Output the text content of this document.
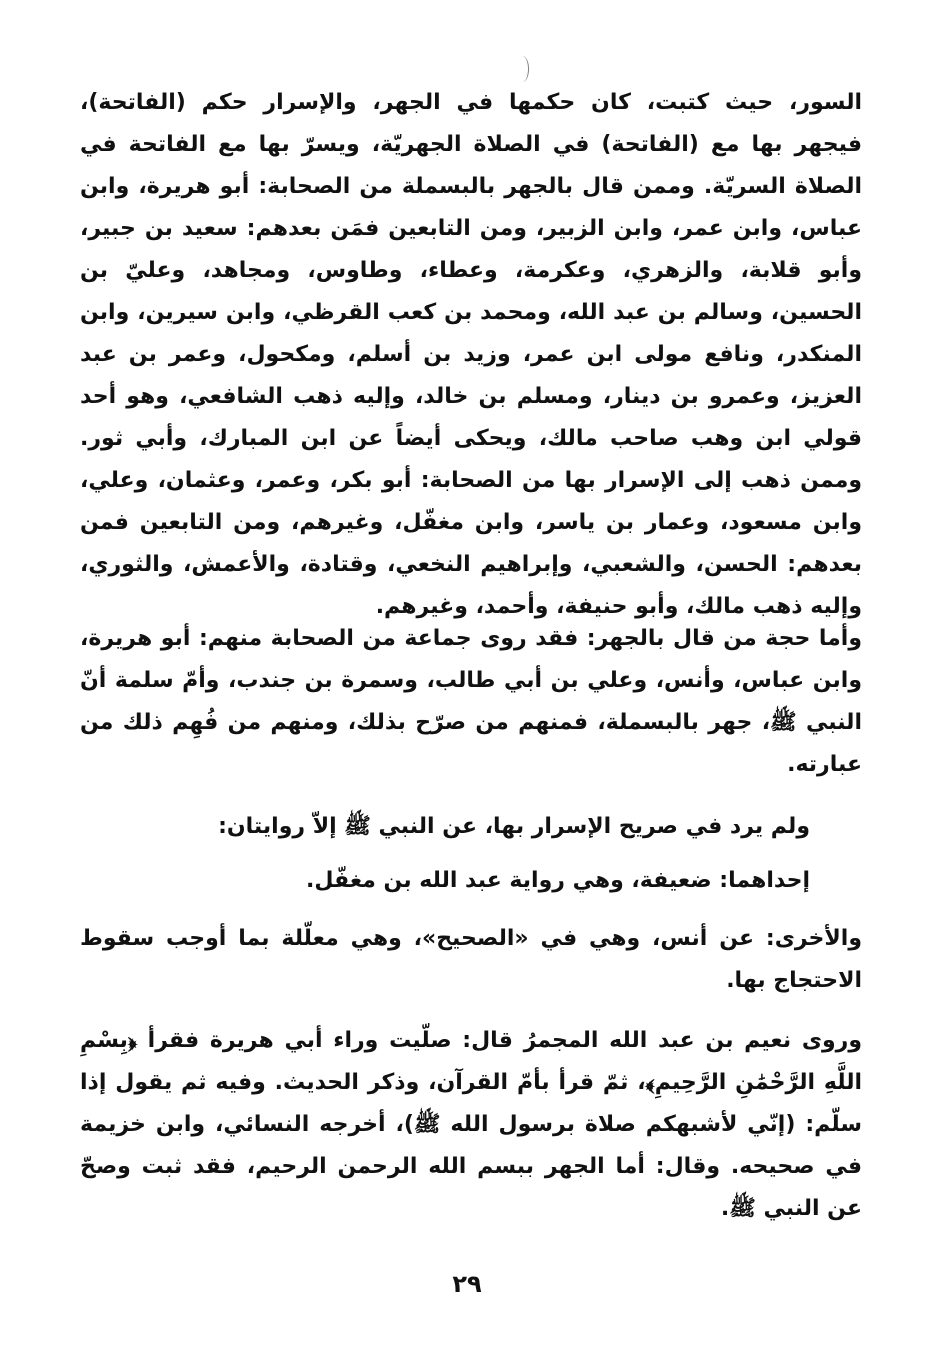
السور، حيث كتبت، كان حكمها في الجهر، والإسرار حكم (الفاتحة)، فيجهر بها مع (الفاتحة) في الصلاة الجهريّة، ويسرّ بها مع الفاتحة في الصلاة السريّة. وممن قال بالجهر بالبسملة من الصحابة: أبو هريرة، وابن عباس، وابن عمر، وابن الزبير، ومن التابعين فمَن بعدهم: سعيد بن جبير، وأبو قلابة، والزهري، وعكرمة، وعطاء، وطاوس، ومجاهد، وعليّ بن الحسين، وسالم بن عبد الله، ومحمد بن كعب القرظي، وابن سيرين، وابن المنكدر، ونافع مولى ابن عمر، وزيد بن أسلم، ومكحول، وعمر بن عبد العزيز، وعمرو بن دينار، ومسلم بن خالد، وإليه ذهب الشافعي، وهو أحد قولي ابن وهب صاحب مالك، ويحكى أيضاً عن ابن المبارك، وأبي ثور. وممن ذهب إلى الإسرار بها من الصحابة: أبو بكر، وعمر، وعثمان، وعلي، وابن مسعود، وعمار بن ياسر، وابن مغفّل، وغيرهم، ومن التابعين فمن بعدهم: الحسن، والشعبي، وإبراهيم النخعي، وقتادة، والأعمش، والثوري، وإليه ذهب مالك، وأبو حنيفة، وأحمد، وغيرهم.

وأما حجة من قال بالجهر: فقد روى جماعة من الصحابة منهم: أبو هريرة، وابن عباس، وأنس، وعلي بن أبي طالب، وسمرة بن جندب، وأمّ سلمة أنّ النبي ﷺ، جهر بالبسملة، فمنهم من صرّح بذلك، ومنهم من فُهِم ذلك من عبارته.

ولم يرد في صريح الإسرار بها، عن النبي ﷺ إلاّ روايتان:

إحداهما: ضعيفة، وهي رواية عبد الله بن مغفّل.

والأخرى: عن أنس، وهي في «الصحيح»، وهي معلّلة بما أوجب سقوط الاحتجاج بها.

وروى نعيم بن عبد الله المجمرُ قال: صلّيت وراء أبي هريرة فقرأ ﴿بِسْمِ اللَّهِ الرَّحْمَٰنِ الرَّحِيمِ﴾، ثمّ قرأ بأمّ القرآن، وذكر الحديث. وفيه ثم يقول إذا سلّم: (إنّي لأشبهكم صلاة برسول الله ﷺ)، أخرجه النسائي، وابن خزيمة في صحيحه. وقال: أما الجهر ببسم الله الرحمن الرحيم، فقد ثبت وصحّ عن النبي ﷺ.

٢٩
